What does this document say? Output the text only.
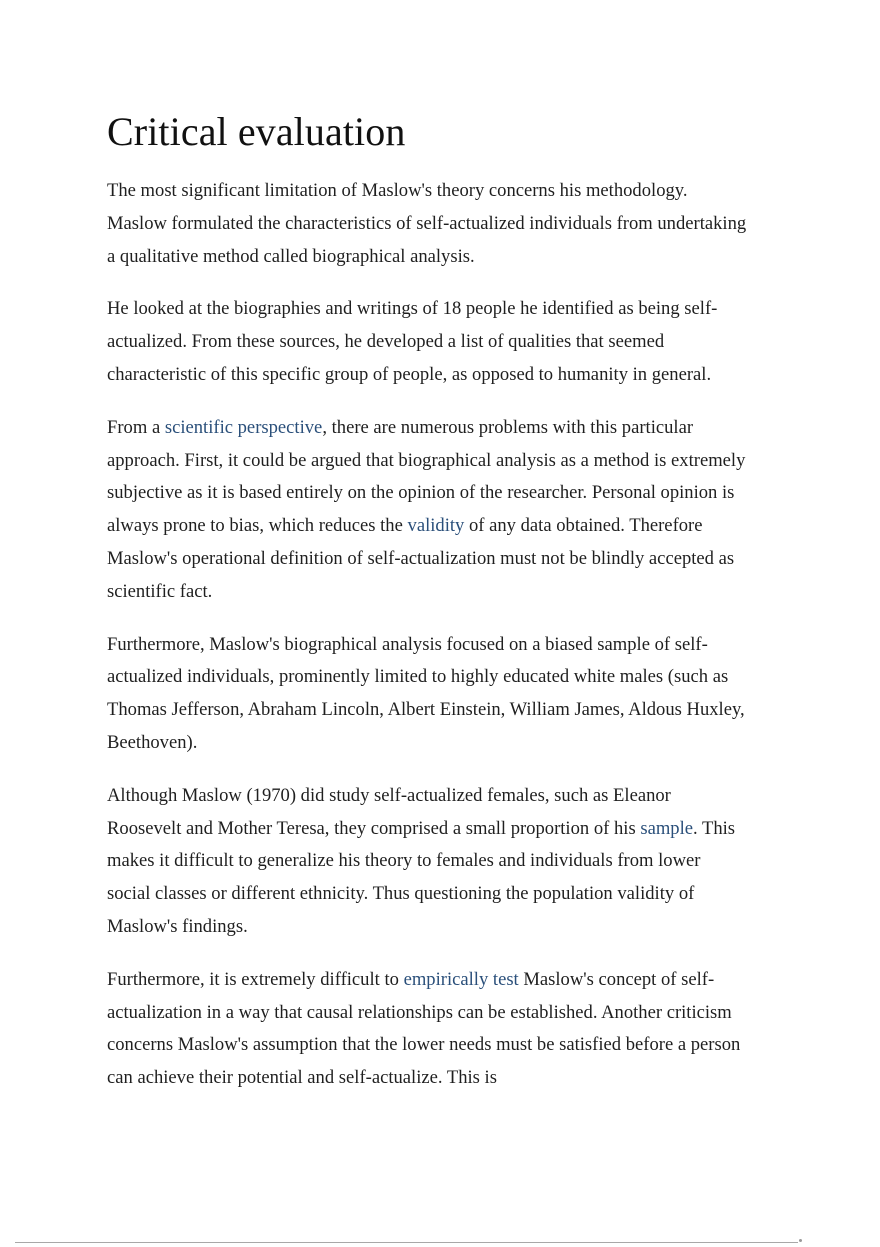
Critical evaluation

The most significant limitation of Maslow's theory concerns his methodology. Maslow formulated the characteristics of self-actualized individuals from undertaking a qualitative method called biographical analysis.

He looked at the biographies and writings of 18 people he identified as being self-actualized. From these sources, he developed a list of qualities that seemed characteristic of this specific group of people, as opposed to humanity in general.

From a scientific perspective, there are numerous problems with this particular approach. First, it could be argued that biographical analysis as a method is extremely subjective as it is based entirely on the opinion of the researcher. Personal opinion is always prone to bias, which reduces the validity of any data obtained. Therefore Maslow's operational definition of self-actualization must not be blindly accepted as scientific fact.

Furthermore, Maslow's biographical analysis focused on a biased sample of self-actualized individuals, prominently limited to highly educated white males (such as Thomas Jefferson, Abraham Lincoln, Albert Einstein, William James, Aldous Huxley, Beethoven).

Although Maslow (1970) did study self-actualized females, such as Eleanor Roosevelt and Mother Teresa, they comprised a small proportion of his sample. This makes it difficult to generalize his theory to females and individuals from lower social classes or different ethnicity. Thus questioning the population validity of Maslow's findings.

Furthermore, it is extremely difficult to empirically test Maslow's concept of self-actualization in a way that causal relationships can be established. Another criticism concerns Maslow's assumption that the lower needs must be satisfied before a person can achieve their potential and self-actualize. This is
